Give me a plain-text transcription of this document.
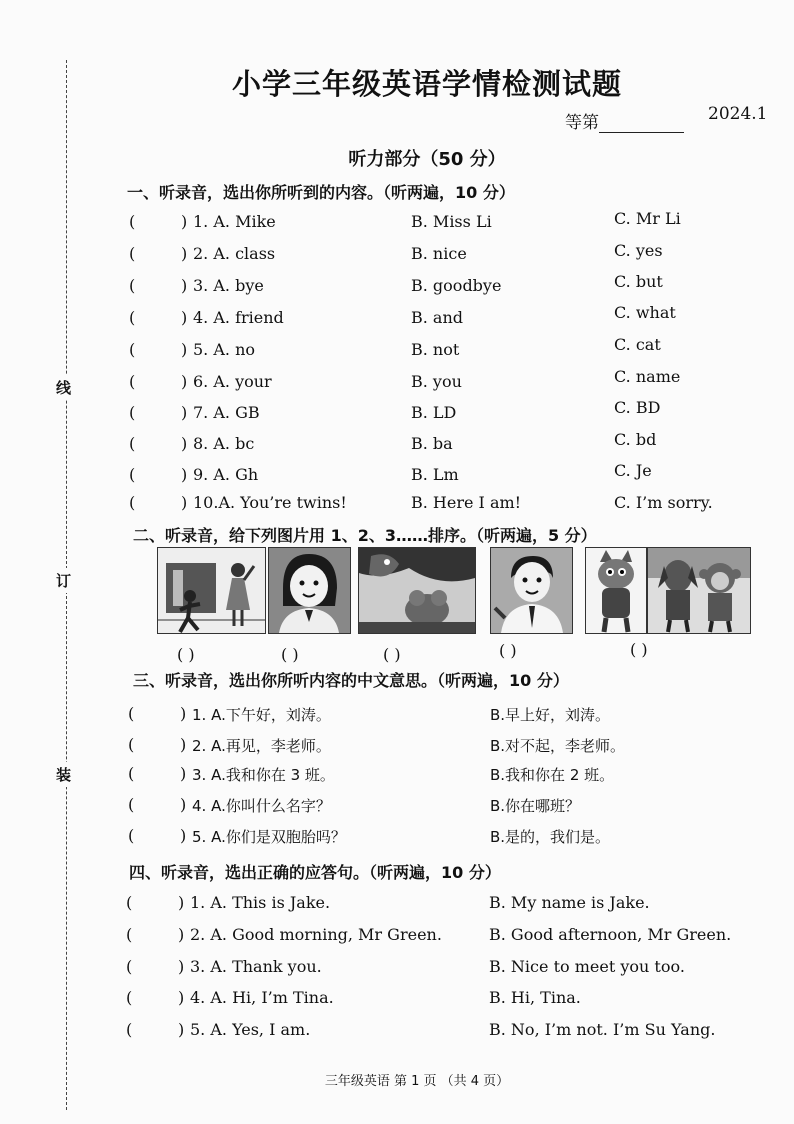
线
订
装
小学三年级英语学情检测试题
等第	2024.1
听力部分（50 分）
一、听录音，选出你所听到的内容。（听两遍，10 分）
(	) 1. A. Mike	B. Miss Li	C. Mr Li
(	) 2. A. class	B. nice	C. yes
(	) 3. A. bye	B. goodbye	C. but
(	) 4. A. friend	B. and	C. what
(	) 5. A. no	B. not	C. cat
(	) 6. A. your	B. you	C. name
(	) 7. A. GB	B. LD	C. BD
(	) 8. A. bc	B. ba	C. bd
(	) 9. A. Gh	B. Lm	C. Je
(	) 10.A. You’re twins!	B. Here I am!	C. I’m sorry.
二、听录音，给下列图片用 1、2、3……排序。（听两遍，5 分）
( )	( )	( )	( )	( )
三、听录音，选出你所听内容的中文意思。（听两遍，10 分）
(	) 1. A.下午好，刘涛。	B.早上好，刘涛。
(	) 2. A.再见，李老师。	B.对不起，李老师。
(	) 3. A.我和你在 3 班。	B.我和你在 2 班。
(	) 4. A.你叫什么名字？	B.你在哪班？
(	) 5. A.你们是双胞胎吗？	B.是的，我们是。
四、听录音，选出正确的应答句。（听两遍，10 分）
(	) 1. A. This is Jake.	B. My name is Jake.
(	) 2. A. Good morning, Mr Green.	B. Good afternoon, Mr Green.
(	) 3. A. Thank you.	B. Nice to meet you too.
(	) 4. A. Hi, I’m Tina.	B. Hi, Tina.
(	) 5. A. Yes, I am.	B. No, I’m not. I’m Su Yang.
三年级英语 第 1 页 （共 4 页）
